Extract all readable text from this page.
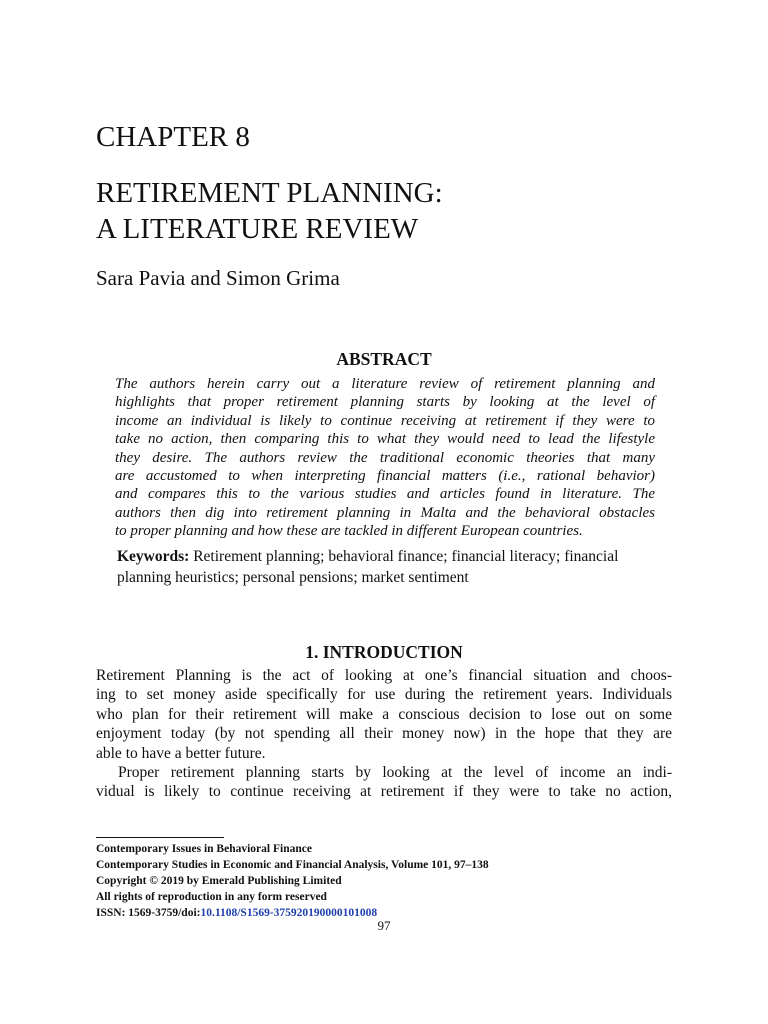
CHAPTER 8
RETIREMENT PLANNING:
A LITERATURE REVIEW
Sara Pavia and Simon Grima
ABSTRACT
The authors herein carry out a literature review of retirement planning and
highlights that proper retirement planning starts by looking at the level of
income an individual is likely to continue receiving at retirement if they were to
take no action, then comparing this to what they would need to lead the lifestyle
they desire. The authors review the traditional economic theories that many
are accustomed to when interpreting financial matters (i.e., rational behavior)
and compares this to the various studies and articles found in literature. The
authors then dig into retirement planning in Malta and the behavioral obstacles
to proper planning and how these are tackled in different European countries.
Keywords: Retirement planning; behavioral finance; financial literacy; financial planning heuristics; personal pensions; market sentiment
1. INTRODUCTION
Retirement Planning is the act of looking at one’s financial situation and choos-
ing to set money aside specifically for use during the retirement years. Individuals
who plan for their retirement will make a conscious decision to lose out on some
enjoyment today (by not spending all their money now) in the hope that they are
able to have a better future.
Proper retirement planning starts by looking at the level of income an indi-
vidual is likely to continue receiving at retirement if they were to take no action,
Contemporary Issues in Behavioral Finance
Contemporary Studies in Economic and Financial Analysis, Volume 101, 97–138
Copyright © 2019 by Emerald Publishing Limited
All rights of reproduction in any form reserved
ISSN: 1569-3759/doi:10.1108/S1569-375920190000101008
97
